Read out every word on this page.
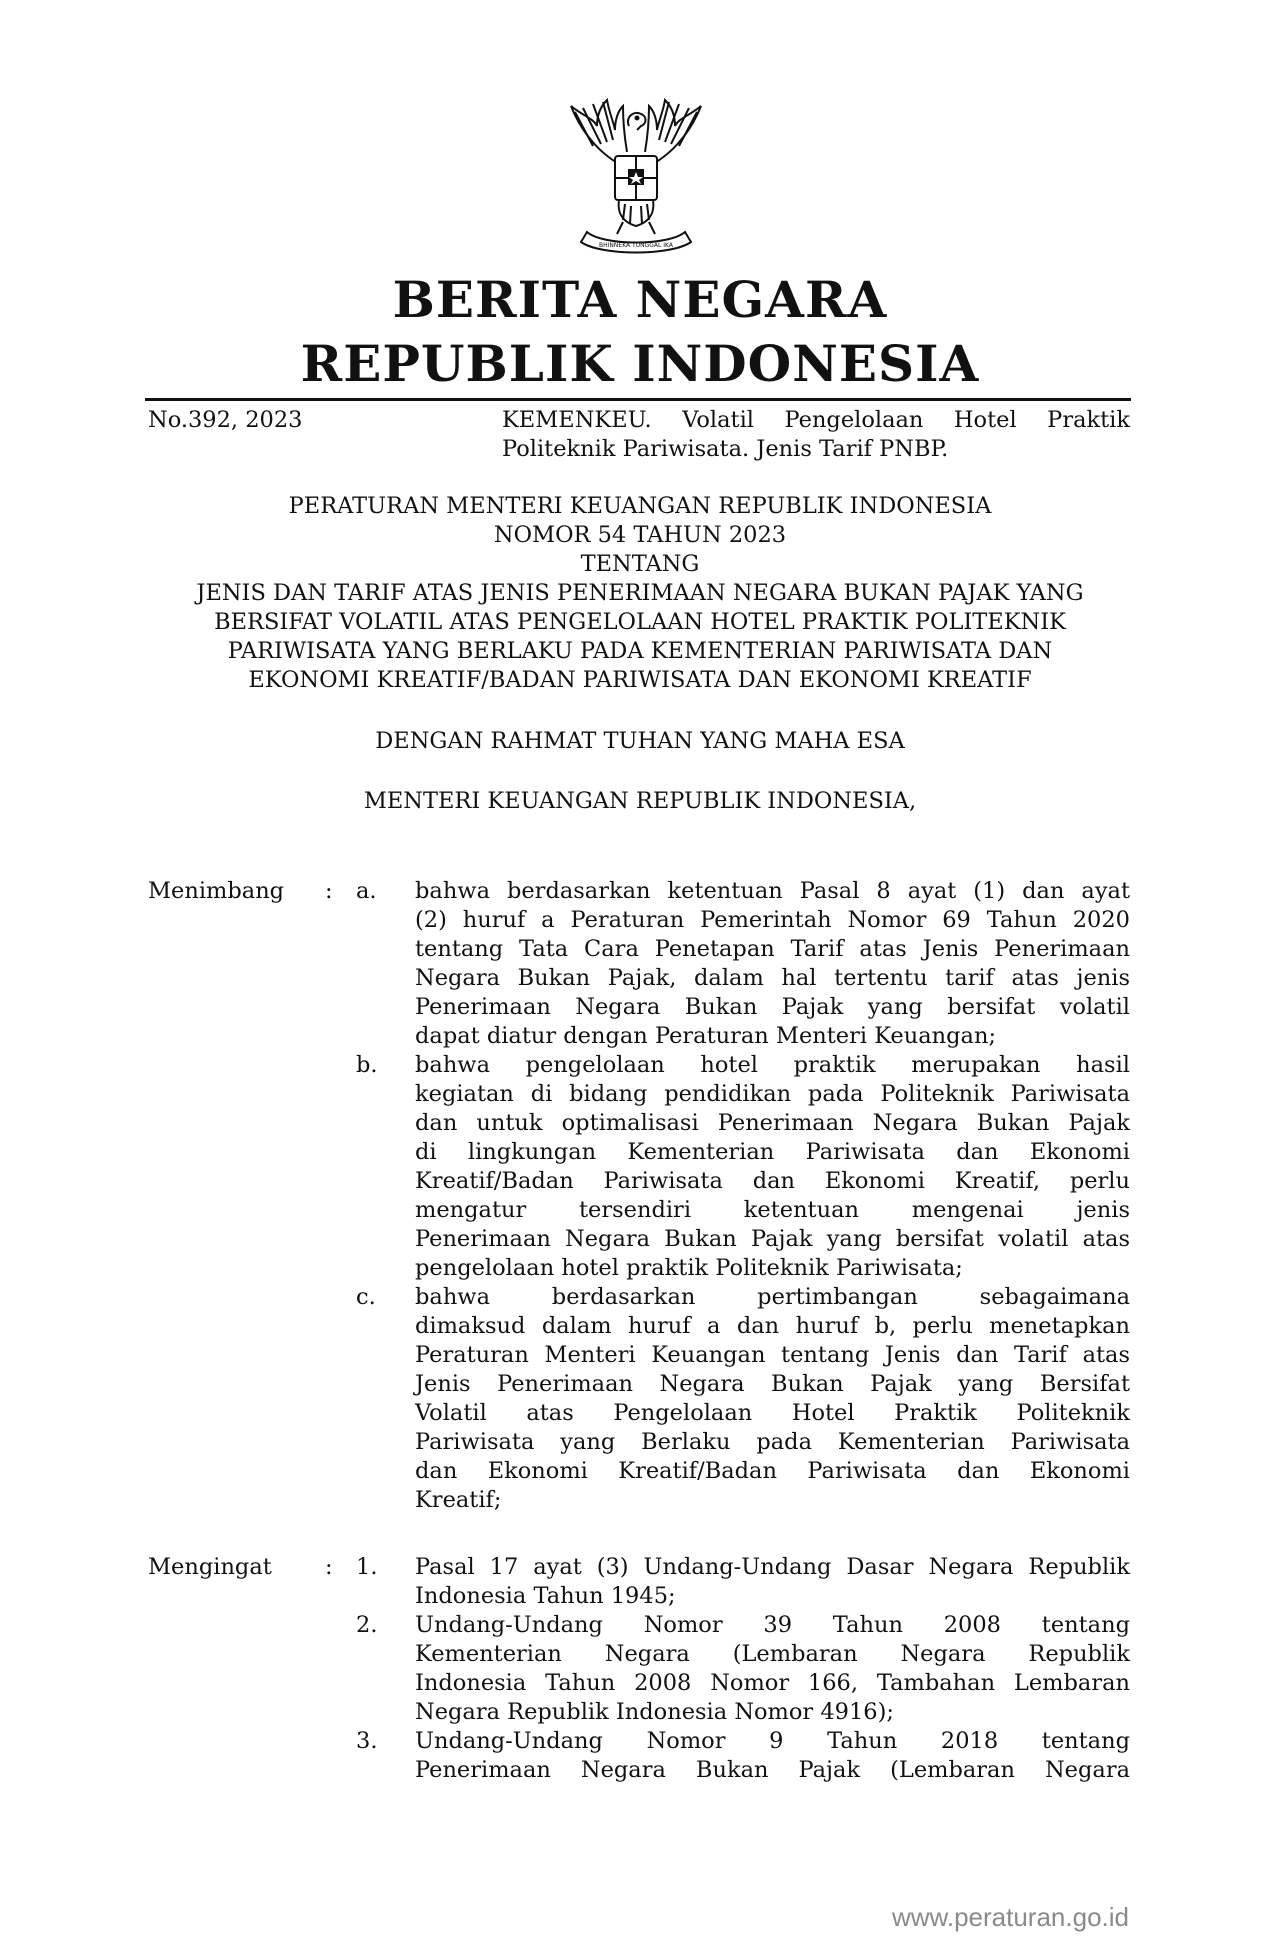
BHINNEKA TUNGGAL IKA
BERITA NEGARA
REPUBLIK INDONESIA
No.392, 2023	KEMENKEU. Volatil Pengelolaan Hotel Praktik
Politeknik Pariwisata. Jenis Tarif PNBP.
PERATURAN MENTERI KEUANGAN REPUBLIK INDONESIA
NOMOR 54 TAHUN 2023
TENTANG
JENIS DAN TARIF ATAS JENIS PENERIMAAN NEGARA BUKAN PAJAK YANG
BERSIFAT VOLATIL ATAS PENGELOLAAN HOTEL PRAKTIK POLITEKNIK
PARIWISATA YANG BERLAKU PADA KEMENTERIAN PARIWISATA DAN
EKONOMI KREATIF/BADAN PARIWISATA DAN EKONOMI KREATIF
DENGAN RAHMAT TUHAN YANG MAHA ESA
MENTERI KEUANGAN REPUBLIK INDONESIA,
Menimbang : a. bahwa berdasarkan ketentuan Pasal 8 ayat (1) dan ayat
(2) huruf a Peraturan Pemerintah Nomor 69 Tahun 2020
tentang Tata Cara Penetapan Tarif atas Jenis Penerimaan
Negara Bukan Pajak, dalam hal tertentu tarif atas jenis
Penerimaan Negara Bukan Pajak yang bersifat volatil
dapat diatur dengan Peraturan Menteri Keuangan;
b. bahwa pengelolaan hotel praktik merupakan hasil
kegiatan di bidang pendidikan pada Politeknik Pariwisata
dan untuk optimalisasi Penerimaan Negara Bukan Pajak
di lingkungan Kementerian Pariwisata dan Ekonomi
Kreatif/Badan Pariwisata dan Ekonomi Kreatif, perlu
mengatur tersendiri ketentuan mengenai jenis
Penerimaan Negara Bukan Pajak yang bersifat volatil atas
pengelolaan hotel praktik Politeknik Pariwisata;
c. bahwa berdasarkan pertimbangan sebagaimana
dimaksud dalam huruf a dan huruf b, perlu menetapkan
Peraturan Menteri Keuangan tentang Jenis dan Tarif atas
Jenis Penerimaan Negara Bukan Pajak yang Bersifat
Volatil atas Pengelolaan Hotel Praktik Politeknik
Pariwisata yang Berlaku pada Kementerian Pariwisata
dan Ekonomi Kreatif/Badan Pariwisata dan Ekonomi
Kreatif;
Mengingat : 1. Pasal 17 ayat (3) Undang-Undang Dasar Negara Republik
Indonesia Tahun 1945;
2. Undang-Undang Nomor 39 Tahun 2008 tentang
Kementerian Negara (Lembaran Negara Republik
Indonesia Tahun 2008 Nomor 166, Tambahan Lembaran
Negara Republik Indonesia Nomor 4916);
3. Undang-Undang Nomor 9 Tahun 2018 tentang
Penerimaan Negara Bukan Pajak (Lembaran Negara
www.peraturan.go.id
